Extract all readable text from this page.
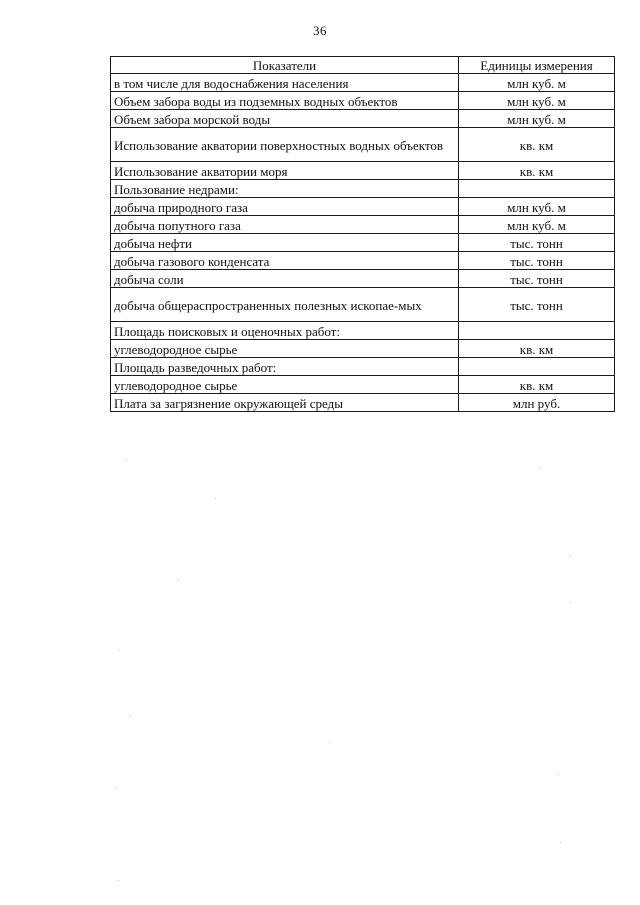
36
Показатели	Единицы измерения
в том числе для водоснабжения населения	млн куб. м
Объем забора воды из подземных водных объектов	млн куб. м
Объем забора морской воды	млн куб. м
Использование акватории поверхностных водных объектов	кв. км
Использование акватории моря	кв. км
Пользование недрами:	
добыча природного газа	млн куб. м
добыча попутного газа	млн куб. м
добыча нефти	тыс. тонн
добыча газового конденсата	тыс. тонн
добыча соли	тыс. тонн
добыча общераспространенных полезных ископае-мых	тыс. тонн
Площадь поисковых и оценочных работ:	
углеводородное сырье	кв. км
Площадь разведочных работ:	
углеводородное сырье	кв. км
Плата за загрязнение окружающей среды	млн руб.
